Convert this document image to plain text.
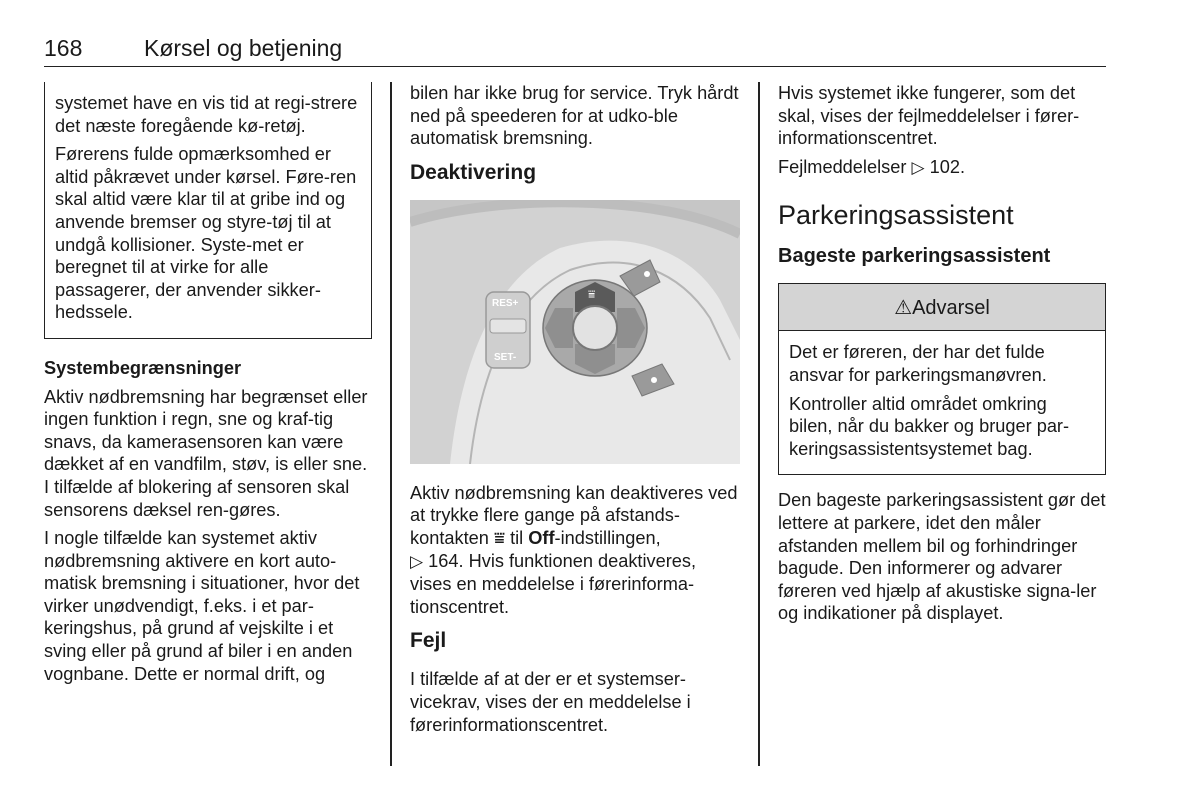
168	Kørsel og betjening

systemet have en vis tid at regi-strere det næste foregående kø-retøj.

Førerens fulde opmærksomhed er altid påkrævet under kørsel. Føre-ren skal altid være klar til at gribe ind og anvende bremser og styre-tøj til at undgå kollisioner. Syste-met er beregnet til at virke for alle passagerer, der anvender sikker-hedssele.

Systembegrænsninger

Aktiv nødbremsning har begrænset eller ingen funktion i regn, sne og kraf-tig snavs, da kamerasensoren kan være dækket af en vandfilm, støv, is eller sne. I tilfælde af blokering af sensoren skal sensorens dæksel ren-gøres.

I nogle tilfælde kan systemet aktiv nødbremsning aktivere en kort auto-matisk bremsning i situationer, hvor det virker unødvendigt, f.eks. i et par-keringshus, på grund af vejskilte i et sving eller på grund af biler i en anden vognbane. Dette er normal drift, og

bilen har ikke brug for service. Tryk hårdt ned på speederen for at udko-ble automatisk bremsning.

Deaktivering
RES+
SET-
⩸

Aktiv nødbremsning kan deaktiveres ved at trykke flere gange på afstands-kontakten ⩸ til Off-indstillingen,
▷ 164. Hvis funktionen deaktiveres, vises en meddelelse i førerinforma-tionscentret.

Fejl

I tilfælde af at der er et systemser-vicekrav, vises der en meddelelse i førerinformationscentret.

Hvis systemet ikke fungerer, som det skal, vises der fejlmeddelelser i fører-informationscentret.

Fejlmeddelelser ▷ 102.

Parkeringsassistent
Bageste parkeringsassistent
⚠Advarsel

Det er føreren, der har det fulde ansvar for parkeringsmanøvren.

Kontroller altid området omkring bilen, når du bakker og bruger par-keringsassistentsystemet bag.

Den bageste parkeringsassistent gør det lettere at parkere, idet den måler afstanden mellem bil og forhindringer bagude. Den informerer og advarer føreren ved hjælp af akustiske signa-ler og indikationer på displayet.
